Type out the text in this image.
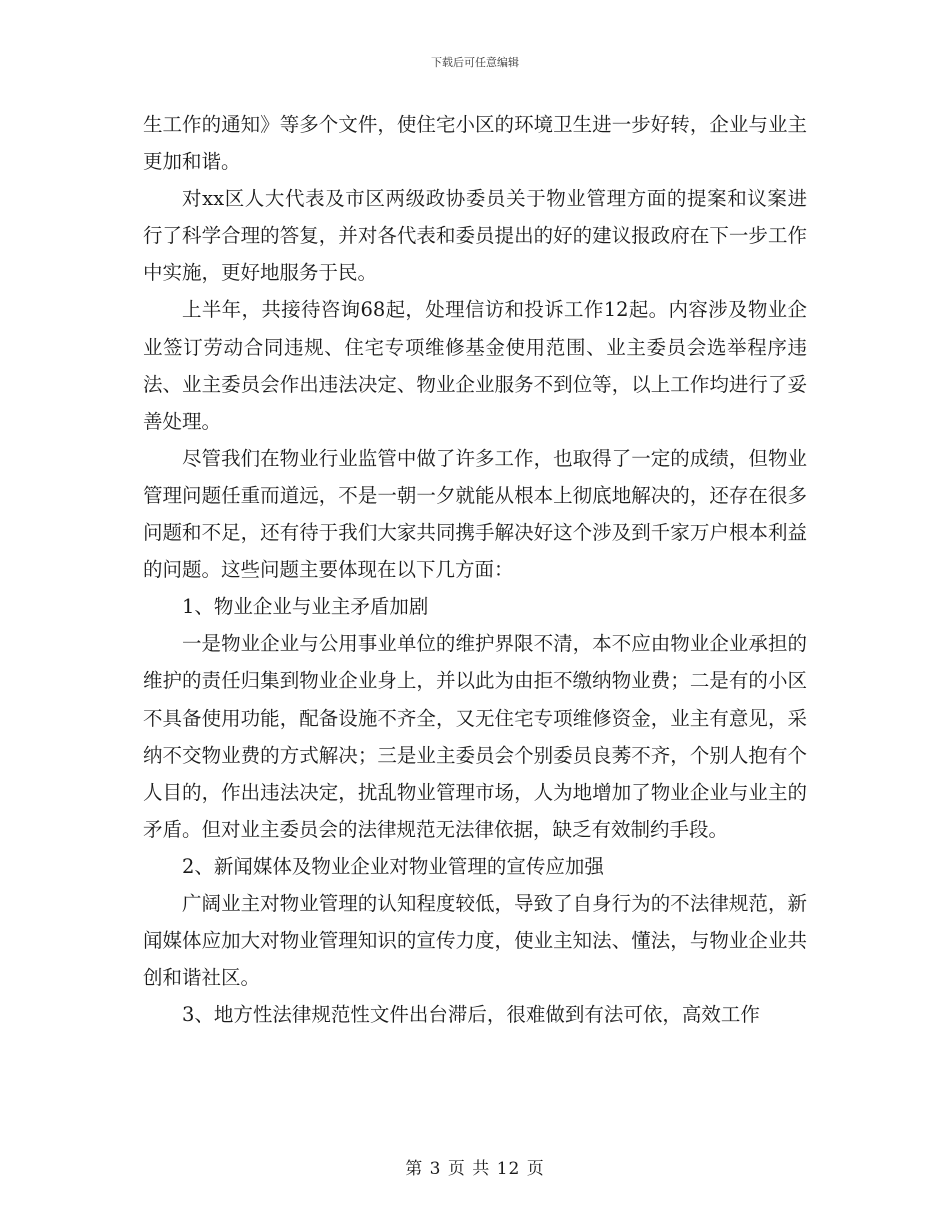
下载后可任意编辑

生工作的通知》等多个文件，使住宅小区的环境卫生进一步好转，企业与业主更加和谐。

对xx区人大代表及市区两级政协委员关于物业管理方面的提案和议案进行了科学合理的答复，并对各代表和委员提出的好的建议报政府在下一步工作中实施，更好地服务于民。

上半年，共接待咨询68起，处理信访和投诉工作12起。内容涉及物业企业签订劳动合同违规、住宅专项维修基金使用范围、业主委员会选举程序违法、业主委员会作出违法决定、物业企业服务不到位等，以上工作均进行了妥善处理。

尽管我们在物业行业监管中做了许多工作，也取得了一定的成绩，但物业管理问题任重而道远，不是一朝一夕就能从根本上彻底地解决的，还存在很多问题和不足，还有待于我们大家共同携手解决好这个涉及到千家万户根本利益的问题。这些问题主要体现在以下几方面：

1、物业企业与业主矛盾加剧

一是物业企业与公用事业单位的维护界限不清，本不应由物业企业承担的维护的责任归集到物业企业身上，并以此为由拒不缴纳物业费；二是有的小区不具备使用功能，配备设施不齐全，又无住宅专项维修资金，业主有意见，采纳不交物业费的方式解决；三是业主委员会个别委员良莠不齐，个别人抱有个人目的，作出违法决定，扰乱物业管理市场，人为地增加了物业企业与业主的矛盾。但对业主委员会的法律规范无法律依据，缺乏有效制约手段。

2、新闻媒体及物业企业对物业管理的宣传应加强

广阔业主对物业管理的认知程度较低，导致了自身行为的不法律规范，新闻媒体应加大对物业管理知识的宣传力度，使业主知法、懂法，与物业企业共创和谐社区。

3、地方性法律规范性文件出台滞后，很难做到有法可依，高效工作

第 3 页 共 12 页
